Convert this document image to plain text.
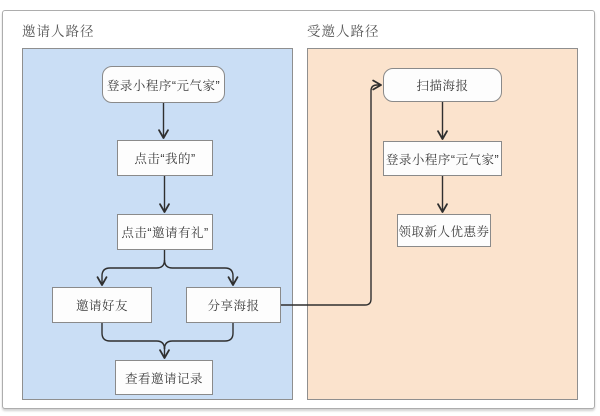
邀请人路径	受邀人路径
登录小程序“元气家”
点击“我的”
点击“邀请有礼”
邀请好友	分享海报
查看邀请记录
扫描海报
登录小程序“元气家”
领取新人优惠券
